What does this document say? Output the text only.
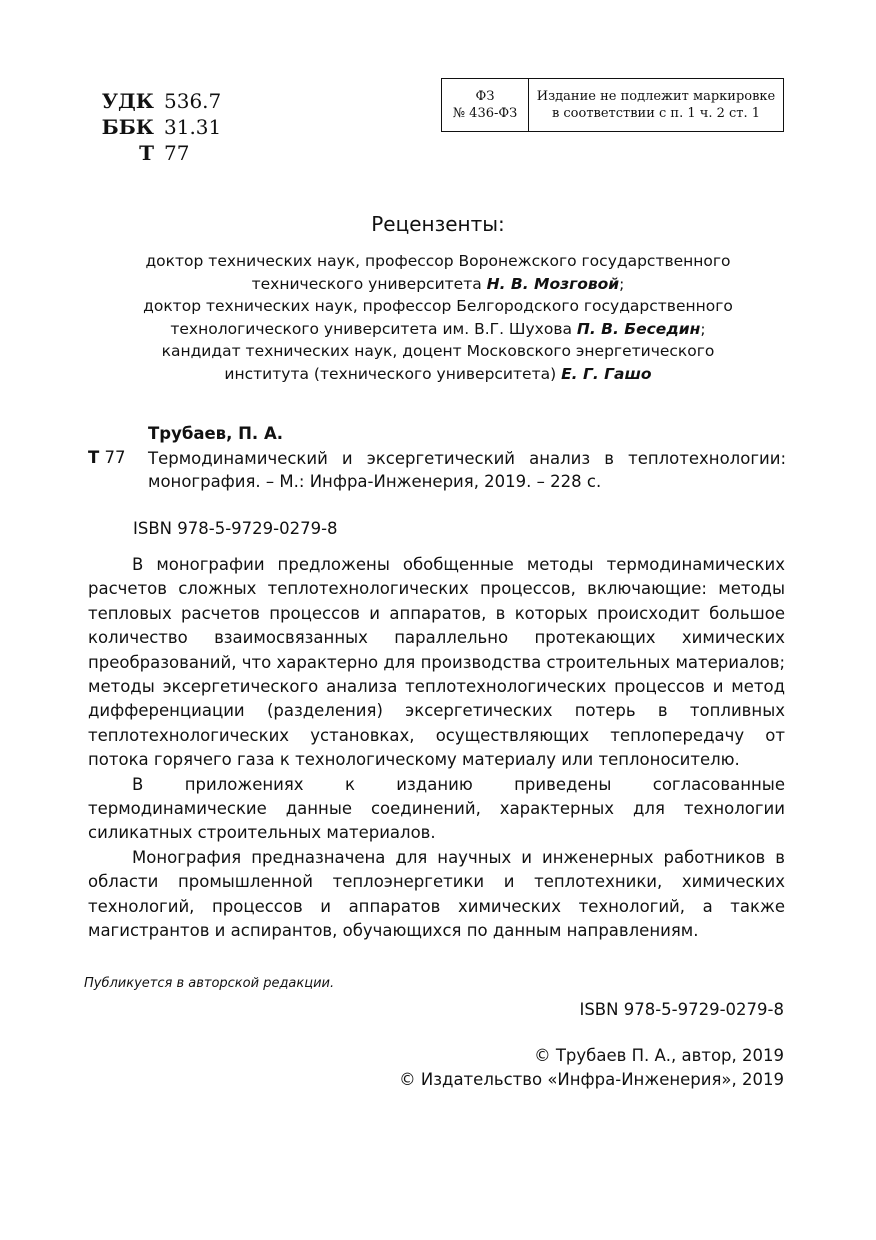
УДК 536.7
ББК 31.31
Т 77
ФЗ
№ 436-ФЗ
Издание не подлежит маркировке
в соответствии с п. 1 ч. 2 ст. 1
Рецензенты:
доктор технических наук, профессор Воронежского государственного
технического университета Н. В. Мозговой;
доктор технических наук, профессор Белгородского государственного
технологического университета им. В.Г. Шухова П. В. Беседин;
кандидат технических наук, доцент Московского энергетического
института (технического университета) Е. Г. Гашо
Трубаев, П. А.
Т 77 Термодинамический и эксергетический анализ в теплотехнологии: монография. – М.: Инфра-Инженерия, 2019. – 228 с.
ISBN 978-5-9729-0279-8

В монографии предложены обобщенные методы термодинамических расчетов сложных теплотехнологических процессов, включающие: методы тепловых расчетов процессов и аппаратов, в которых происходит большое количество взаимосвязанных параллельно протекающих химических преобразований, что характерно для производства строительных материалов; методы эксергетического анализа теплотехнологических процессов и метод дифференциации (разделения) эксергетических потерь в топливных теплотехнологических установках, осуществляющих теплопередачу от потока горячего газа к технологическому материалу или теплоносителю.

В приложениях к изданию приведены согласованные термодинамические данные соединений, характерных для технологии силикатных строительных материалов.

Монография предназначена для научных и инженерных работников в области промышленной теплоэнергетики и теплотехники, химических технологий, процессов и аппаратов химических технологий, а также магистрантов и аспирантов, обучающихся по данным направлениям.

Публикуется в авторской редакции.
ISBN 978-5-9729-0279-8
© Трубаев П. А., автор, 2019
© Издательство «Инфра-Инженерия», 2019
